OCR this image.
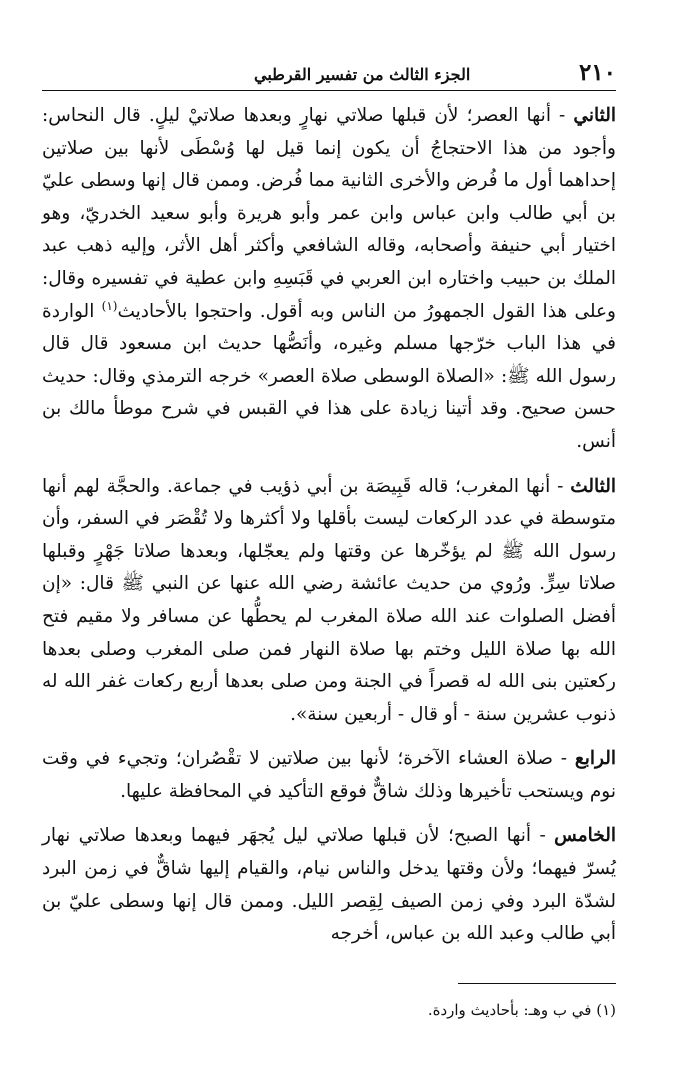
٢١٠
الجزء الثالث من تفسير القرطبي

الثاني - أنها العصر؛ لأن قبلها صلاتي نهارٍ وبعدها صلاتيْ ليلٍ. قال النحاس: وأجود من هذا الاحتجاجُ أن يكون إنما قيل لها وُسْطَى لأنها بين صلاتين إحداهما أول ما فُرض والأخرى الثانية مما فُرض. وممن قال إنها وسطى عليّ بن أبي طالب وابن عباس وابن عمر وأبو هريرة وأبو سعيد الخدريّ، وهو اختيار أبي حنيفة وأصحابه، وقاله الشافعي وأكثر أهل الأثر، وإليه ذهب عبد الملك بن حبيب واختاره ابن العربي في قَبَسِهِ وابن عطية في تفسيره وقال: وعلى هذا القول الجمهورُ من الناس وبه أقول. واحتجوا بالأحاديث$^{(١)}$ الواردة في هذا الباب خرّجها مسلم وغيره، وأنَصُّها حديث ابن مسعود قال قال رسول الله ﷺ: «الصلاة الوسطى صلاة العصر» خرجه الترمذي وقال: حديث حسن صحيح. وقد أتينا زيادة على هذا في القبس في شرح موطأ مالك بن أنس.

الثالث - أنها المغرب؛ قاله قَبِيصَة بن أبي ذؤيب في جماعة. والحجَّة لهم أنها متوسطة في عدد الركعات ليست بأقلها ولا أكثرها ولا تُقْصَر في السفر، وأن رسول الله ﷺ لم يؤخّرها عن وقتها ولم يعجّلها، وبعدها صلاتا جَهْرٍ وقبلها صلاتا سِرٍّ. ورُوي من حديث عائشة رضي الله عنها عن النبي ﷺ قال: «إن أفضل الصلوات عند الله صلاة المغرب لم يحطُّها عن مسافر ولا مقيم فتح الله بها صلاة الليل وختم بها صلاة النهار فمن صلى المغرب وصلى بعدها ركعتين بنى الله له قصراً في الجنة ومن صلى بعدها أربع ركعات غفر الله له ذنوب عشرين سنة - أو قال - أربعين سنة».

الرابع - صلاة العشاء الآخرة؛ لأنها بين صلاتين لا تقْصُران؛ وتجيء في وقت نوم ويستحب تأخيرها وذلك شاقٌّ فوقع التأكيد في المحافظة عليها.

الخامس - أنها الصبح؛ لأن قبلها صلاتي ليل يُجهَر فيهما وبعدها صلاتي نهار يُسرّ فيهما؛ ولأن وقتها يدخل والناس نيام، والقيام إليها شاقٌّ في زمن البرد لشدّة البرد وفي زمن الصيف لِقِصر الليل. وممن قال إنها وسطى عليّ بن أبي طالب وعبد الله بن عباس، أخرجه

(١) في ب وهـ: بأحاديث واردة.
